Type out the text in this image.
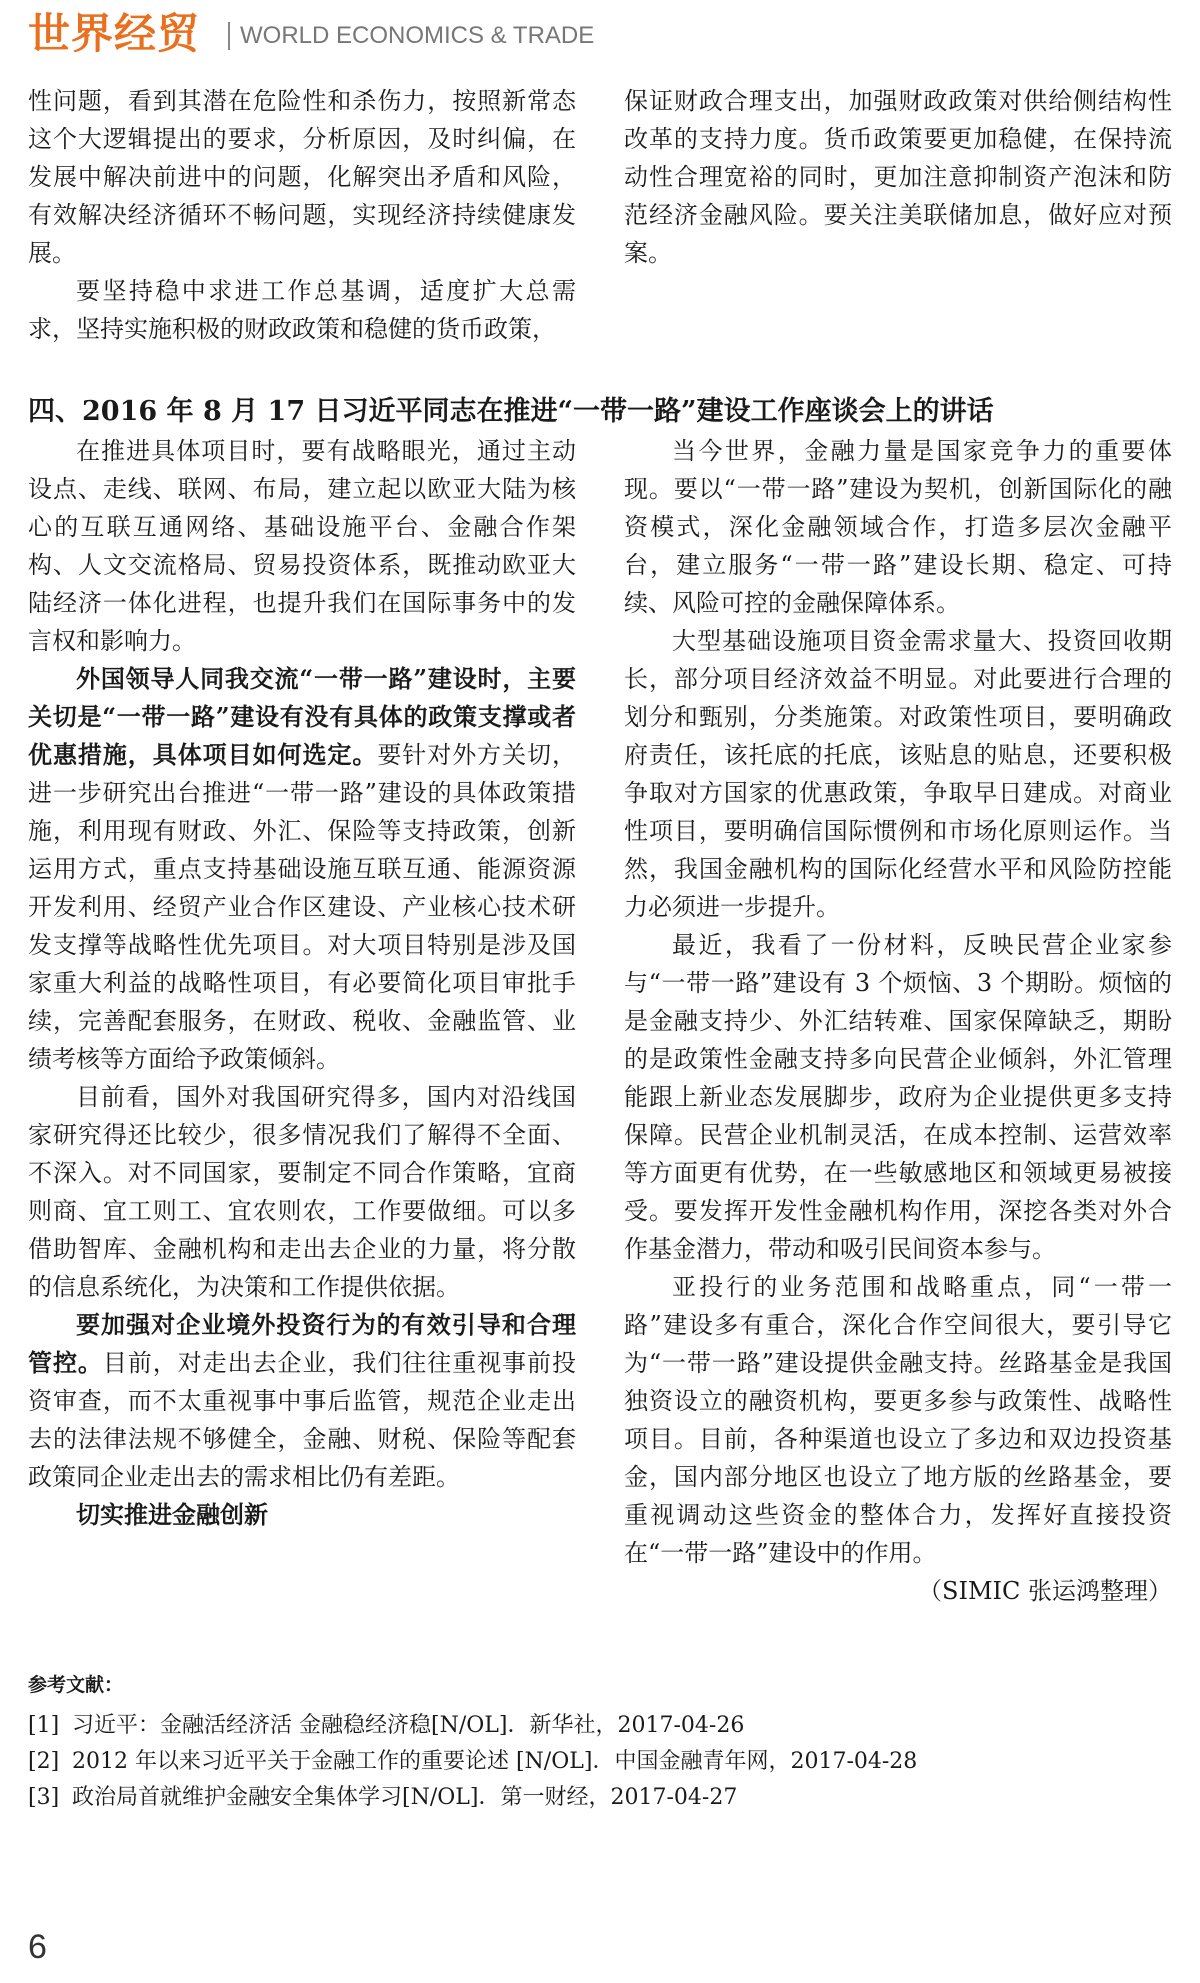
世界经贸 WORLD ECONOMICS & TRADE

性问题，看到其潜在危险性和杀伤力，按照新常态这个大逻辑提出的要求，分析原因，及时纠偏，在发展中解决前进中的问题，化解突出矛盾和风险，有效解决经济循环不畅问题，实现经济持续健康发展。

要坚持稳中求进工作总基调，适度扩大总需求，坚持实施积极的财政政策和稳健的货币政策，

保证财政合理支出，加强财政政策对供给侧结构性改革的支持力度。货币政策要更加稳健，在保持流动性合理宽裕的同时，更加注意抑制资产泡沫和防范经济金融风险。要关注美联储加息，做好应对预案。

四、2016 年 8 月 17 日习近平同志在推进“一带一路”建设工作座谈会上的讲话

在推进具体项目时，要有战略眼光，通过主动设点、走线、联网、布局，建立起以欧亚大陆为核心的互联互通网络、基础设施平台、金融合作架构、人文交流格局、贸易投资体系，既推动欧亚大陆经济一体化进程，也提升我们在国际事务中的发言权和影响力。

外国领导人同我交流“一带一路”建设时，主要关切是“一带一路”建设有没有具体的政策支撑或者优惠措施，具体项目如何选定。要针对外方关切，进一步研究出台推进“一带一路”建设的具体政策措施，利用现有财政、外汇、保险等支持政策，创新运用方式，重点支持基础设施互联互通、能源资源开发利用、经贸产业合作区建设、产业核心技术研发支撑等战略性优先项目。对大项目特别是涉及国家重大利益的战略性项目，有必要简化项目审批手续，完善配套服务，在财政、税收、金融监管、业绩考核等方面给予政策倾斜。

目前看，国外对我国研究得多，国内对沿线国家研究得还比较少，很多情况我们了解得不全面、不深入。对不同国家，要制定不同合作策略，宜商则商、宜工则工、宜农则农，工作要做细。可以多借助智库、金融机构和走出去企业的力量，将分散的信息系统化，为决策和工作提供依据。

要加强对企业境外投资行为的有效引导和合理管控。目前，对走出去企业，我们往往重视事前投资审查，而不太重视事中事后监管，规范企业走出去的法律法规不够健全，金融、财税、保险等配套政策同企业走出去的需求相比仍有差距。

切实推进金融创新

当今世界，金融力量是国家竞争力的重要体现。要以“一带一路”建设为契机，创新国际化的融资模式，深化金融领域合作，打造多层次金融平台，建立服务“一带一路”建设长期、稳定、可持续、风险可控的金融保障体系。

大型基础设施项目资金需求量大、投资回收期长，部分项目经济效益不明显。对此要进行合理的划分和甄别，分类施策。对政策性项目，要明确政府责任，该托底的托底，该贴息的贴息，还要积极争取对方国家的优惠政策，争取早日建成。对商业性项目，要明确信国际惯例和市场化原则运作。当然，我国金融机构的国际化经营水平和风险防控能力必须进一步提升。

最近，我看了一份材料，反映民营企业家参与“一带一路”建设有 3 个烦恼、3 个期盼。烦恼的是金融支持少、外汇结转难、国家保障缺乏，期盼的是政策性金融支持多向民营企业倾斜，外汇管理能跟上新业态发展脚步，政府为企业提供更多支持保障。民营企业机制灵活，在成本控制、运营效率等方面更有优势，在一些敏感地区和领域更易被接受。要发挥开发性金融机构作用，深挖各类对外合作基金潜力，带动和吸引民间资本参与。

亚投行的业务范围和战略重点，同“一带一路”建设多有重合，深化合作空间很大，要引导它为“一带一路”建设提供金融支持。丝路基金是我国独资设立的融资机构，要更多参与政策性、战略性项目。目前，各种渠道也设立了多边和双边投资基金，国内部分地区也设立了地方版的丝路基金，要重视调动这些资金的整体合力，发挥好直接投资在“一带一路”建设中的作用。

（SIMIC 张运鸿整理）

参考文献：

[1] 习近平：金融活经济活 金融稳经济稳[N/OL]．新华社，2017-04-26
[2] 2012 年以来习近平关于金融工作的重要论述 [N/OL]．中国金融青年网，2017-04-28
[3] 政治局首就维护金融安全集体学习[N/OL]．第一财经，2017-04-27
6
